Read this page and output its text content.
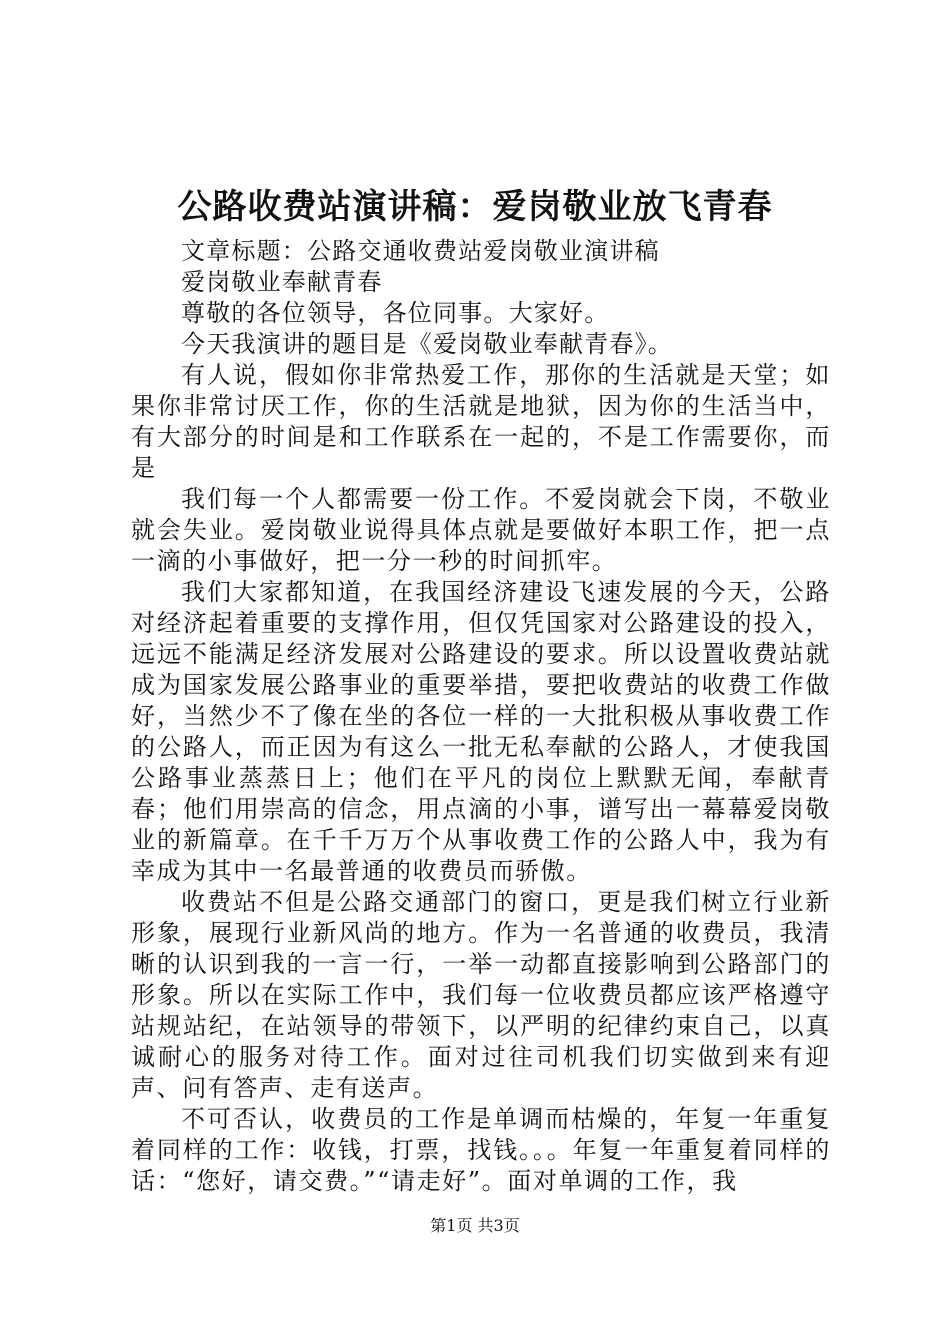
公路收费站演讲稿：爱岗敬业放飞青春

文章标题：公路交通收费站爱岗敬业演讲稿

爱岗敬业奉献青春

尊敬的各位领导，各位同事。大家好。

今天我演讲的题目是《爱岗敬业奉献青春》。

有人说，假如你非常热爱工作，那你的生活就是天堂；如果你非常讨厌工作，你的生活就是地狱，因为你的生活当中，有大部分的时间是和工作联系在一起的，不是工作需要你，而是

我们每一个人都需要一份工作。不爱岗就会下岗，不敬业就会失业。爱岗敬业说得具体点就是要做好本职工作，把一点一滴的小事做好，把一分一秒的时间抓牢。

我们大家都知道，在我国经济建设飞速发展的今天，公路对经济起着重要的支撑作用，但仅凭国家对公路建设的投入，远远不能满足经济发展对公路建设的要求。所以设置收费站就成为国家发展公路事业的重要举措，要把收费站的收费工作做好，当然少不了像在坐的各位一样的一大批积极从事收费工作的公路人，而正因为有这么一批无私奉献的公路人，才使我国公路事业蒸蒸日上；他们在平凡的岗位上默默无闻，奉献青春；他们用崇高的信念，用点滴的小事，谱写出一幕幕爱岗敬业的新篇章。在千千万万个从事收费工作的公路人中，我为有幸成为其中一名最普通的收费员而骄傲。

收费站不但是公路交通部门的窗口，更是我们树立行业新形象，展现行业新风尚的地方。作为一名普通的收费员，我清晰的认识到我的一言一行，一举一动都直接影响到公路部门的形象。所以在实际工作中，我们每一位收费员都应该严格遵守站规站纪，在站领导的带领下，以严明的纪律约束自己，以真诚耐心的服务对待工作。面对过往司机我们切实做到来有迎声、问有答声、走有送声。

不可否认，收费员的工作是单调而枯燥的，年复一年重复着同样的工作：收钱，打票，找钱。。。年复一年重复着同样的话：“您好，请交费。”“请走好”。面对单调的工作，我

第1页 共3页
